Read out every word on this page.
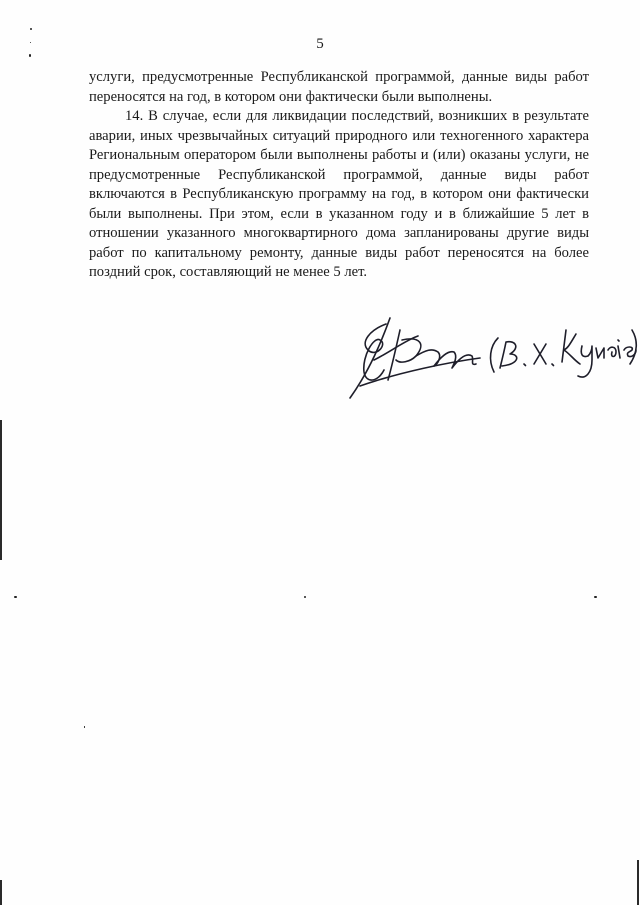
5

услуги, предусмотренные Республиканской программой, данные виды работ переносятся на год, в котором они фактически были выполнены.

14. В случае, если для ликвидации последствий, возникших в результате аварии, иных чрезвычайных ситуаций природного или техногенного характера Региональным оператором были выполнены работы и (или) оказаны услуги, не предусмотренные Республиканской программой, данные виды работ включаются в Республиканскую программу на год, в котором они фактически были выполнены. При этом, если в указанном году и в ближайшие 5 лет в отношении указанного многоквартирного дома запланированы другие виды работ по капитальному ремонту, данные виды работ переносятся на более поздний срок, составляющий не менее 5 лет.
